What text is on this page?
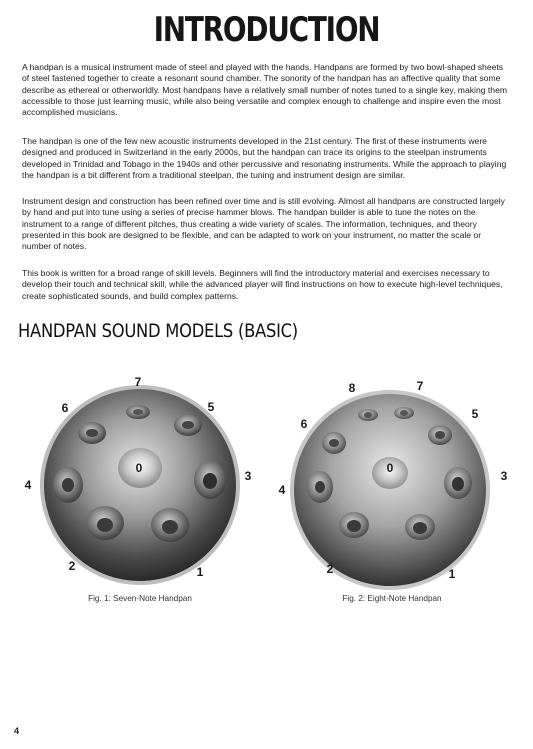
INTRODUCTION

A handpan is a musical instrument made of steel and played with the hands. Handpans are formed by two bowl-shaped sheets of steel fastened together to create a resonant sound chamber. The sonority of the handpan has an affective quality that some describe as ethereal or otherworldly. Most handpans have a relatively small number of notes tuned to a single key, making them accessible to those just learning music, while also being versatile and complex enough to challenge and inspire even the most accomplished musicians.

The handpan is one of the few new acoustic instruments developed in the 21st century. The first of these instruments were designed and produced in Switzerland in the early 2000s, but the handpan can trace its origins to the steelpan instruments developed in Trinidad and Tobago in the 1940s and other percussive and resonating instruments. While the approach to playing the handpan is a bit different from a traditional steelpan, the tuning and instrument design are similar.

Instrument design and construction has been refined over time and is still evolving. Almost all handpans are constructed largely by hand and put into tune using a series of precise hammer blows. The handpan builder is able to tune the notes on the instrument to a range of different pitches, thus creating a wide variety of scales. The information, techniques, and theory presented in this book are designed to be flexible, and can be adapted to work on your instrument, no matter the scale or number of notes.

This book is written for a broad range of skill levels. Beginners will find the introductory material and exercises necessary to develop their touch and technical skill, while the advanced player will find instructions on how to execute high-level techniques, create sophisticated sounds, and build complex patterns.

HANDPAN SOUND MODELS (BASIC)
0
1
2
3
4
5
6
7
0
1
2
3
4
5
6
7
8
Fig. 1: Seven-Note Handpan	Fig. 2: Eight-Note Handpan
4
